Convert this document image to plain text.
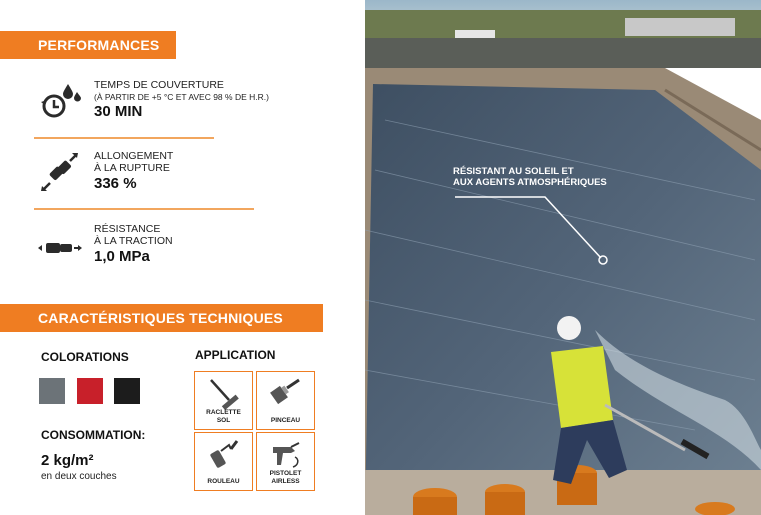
PERFORMANCES
TEMPS DE COUVERTURE
(À PARTIR DE +5 °C ET AVEC 98 % DE H.R.)
30 MIN
ALLONGEMENT
À LA RUPTURE
336 %
RÉSISTANCE
À LA TRACTION
1,0 MPa
CARACTÉRISTIQUES TECHNIQUES
COLORATIONS
CONSOMMATION:
2 kg/m²
en deux couches
APPLICATION
RACLETTE
SOL	PINCEAU
ROULEAU
PISTOLET
AIRLESS
RÉSISTANT AU SOLEIL ET
AUX AGENTS ATMOSPHÉRIQUES
